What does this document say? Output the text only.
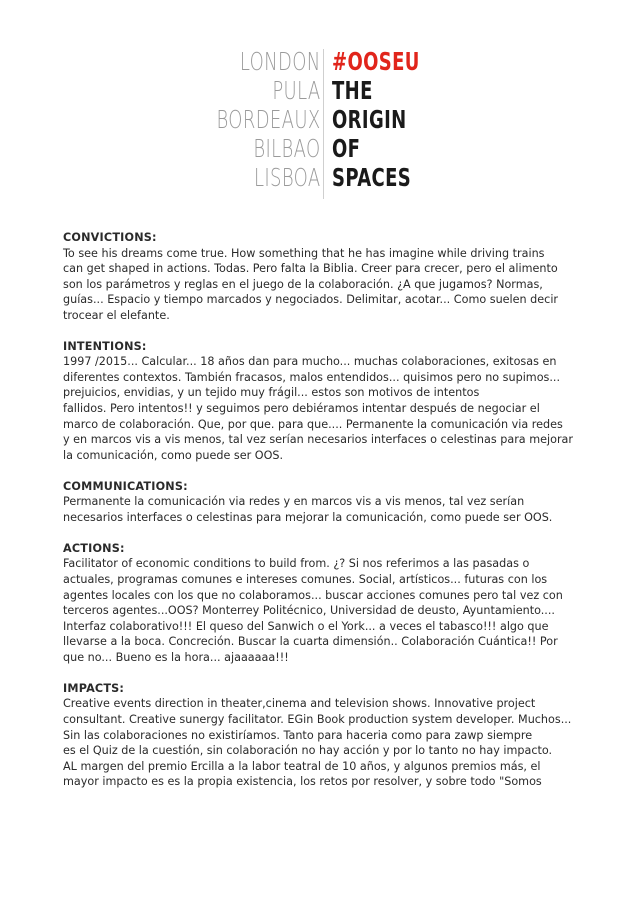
LONDON
PULA
BORDEAUX
BILBAO
LISBOA
#OOSEU
THE
ORIGIN
OF
SPACES
CONVICTIONS:
To see his dreams come true. How something that he has imagine while driving trains
can get shaped in actions. Todas. Pero falta la Biblia. Creer para crecer, pero el alimento
son los parámetros y reglas en el juego de la colaboración. ¿A que jugamos? Normas,
guías... Espacio y tiempo marcados y negociados. Delimitar, acotar... Como suelen decir
trocear el elefante.
INTENTIONS:
1997 /2015... Calcular... 18 años dan para mucho... muchas colaboraciones, exitosas en
diferentes contextos. También fracasos, malos entendidos... quisimos pero no supimos...
prejuicios, envidias, y un tejido muy frágil... estos son motivos de intentos
fallidos. Pero intentos!! y seguimos pero debiéramos intentar después de negociar el
marco de colaboración. Que, por que. para que.... Permanente la comunicación via redes
y en marcos vis a vis menos, tal vez serían necesarios interfaces o celestinas para mejorar
la comunicación, como puede ser OOS.
COMMUNICATIONS:
Permanente la comunicación via redes y en marcos vis a vis menos, tal vez serían
necesarios interfaces o celestinas para mejorar la comunicación, como puede ser OOS.
ACTIONS:
Facilitator of economic conditions to build from. ¿? Si nos referimos a las pasadas o
actuales, programas comunes e intereses comunes. Social, artísticos... futuras con los
agentes locales con los que no colaboramos... buscar acciones comunes pero tal vez con
terceros agentes...OOS? Monterrey Politécnico, Universidad de deusto, Ayuntamiento....
Interfaz colaborativo!!! El queso del Sanwich o el York... a veces el tabasco!!! algo que
llevarse a la boca. Concreción. Buscar la cuarta dimensión.. Colaboración Cuántica!! Por
que no... Bueno es la hora... ajaaaaaa!!!
IMPACTS:
Creative events direction in theater,cinema and television shows. Innovative project
consultant. Creative sunergy facilitator. EGin Book production system developer. Muchos...
Sin las colaboraciones no existiríamos. Tanto para haceria como para zawp siempre
es el Quiz de la cuestión, sin colaboración no hay acción y por lo tanto no hay impacto.
AL margen del premio Ercilla a la labor teatral de 10 años, y algunos premios más, el
mayor impacto es es la propia existencia, los retos por resolver, y sobre todo "Somos
